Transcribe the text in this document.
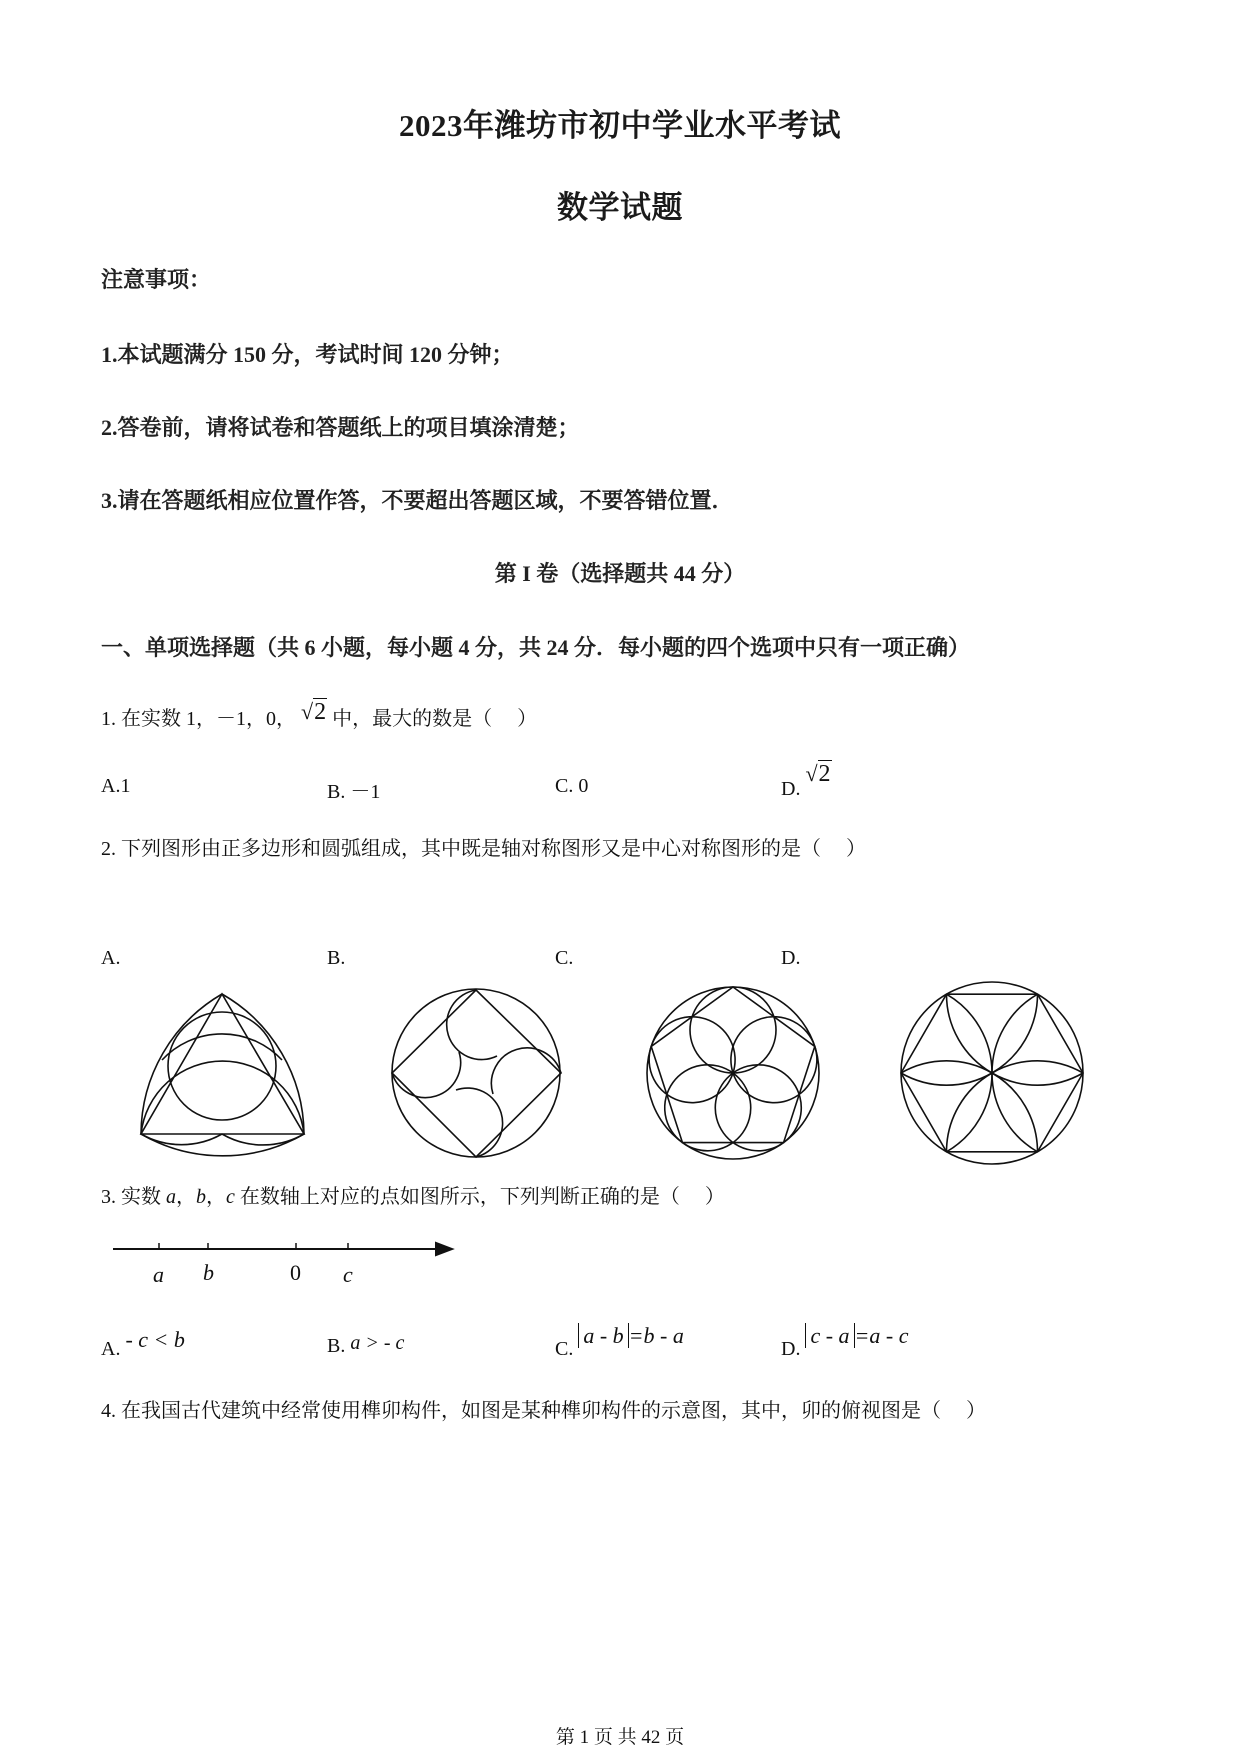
2023年潍坊市初中学业水平考试
数学试题
注意事项：
1.本试题满分 150 分，考试时间 120 分钟；
2.答卷前，请将试卷和答题纸上的项目填涂清楚；
3.请在答题纸相应位置作答，不要超出答题区域，不要答错位置．
第 I 卷（选择题共 44 分）
一、单项选择题（共 6 小题，每小题 4 分，共 24 分．每小题的四个选项中只有一项正确）
1. 在实数 1，－1，0， √2 中，最大的数是（　 ）
A.1	B. －1	C. 0	D. √2
2. 下列图形由正多边形和圆弧组成，其中既是轴对称图形又是中心对称图形的是（　 ）
A.	B.	C.	D.
3. 实数 a，b，c 在数轴上对应的点如图所示，下列判断正确的是（　 ）
a b	0 c
A. - c < b	B. a > - c	C. a - b =b - a
D. c - a =a - c
4. 在我国古代建筑中经常使用榫卯构件，如图是某种榫卯构件的示意图，其中，卯的俯视图是（　 ）
第 1 页 共 42 页
